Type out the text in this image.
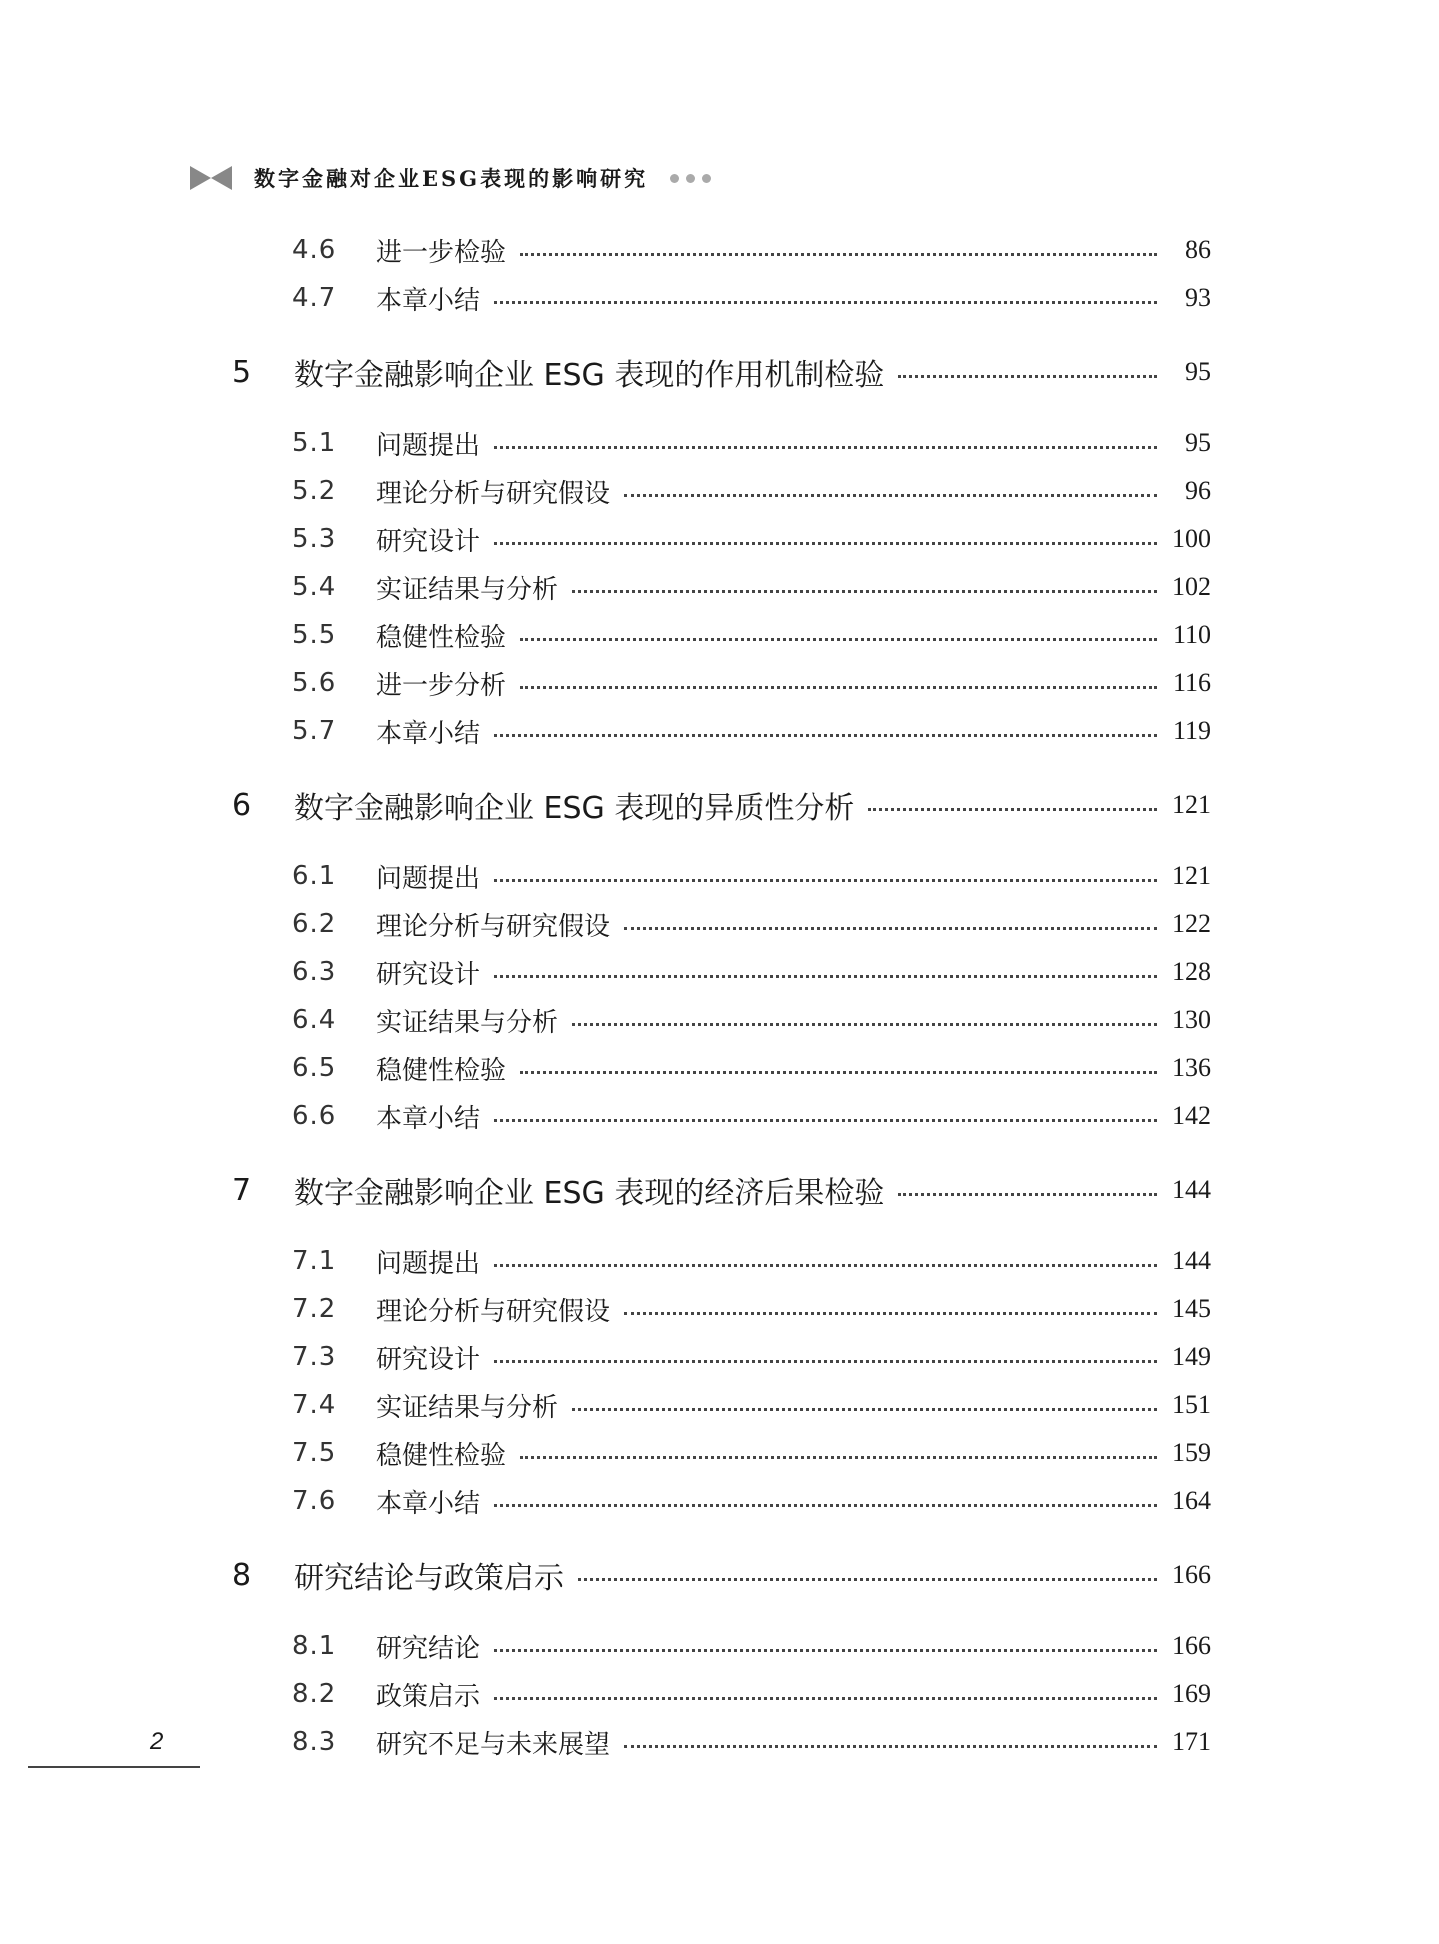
数字金融对企业ESG表现的影响研究
4.6	进一步检验	86
4.7	本章小结	93
5	数字金融影响企业 ESG 表现的作用机制检验	95
5.1	问题提出	95
5.2	理论分析与研究假设	96
5.3	研究设计	100
5.4	实证结果与分析	102
5.5	稳健性检验	110
5.6	进一步分析	116
5.7	本章小结	119
6	数字金融影响企业 ESG 表现的异质性分析	121
6.1	问题提出	121
6.2	理论分析与研究假设	122
6.3	研究设计	128
6.4	实证结果与分析	130
6.5	稳健性检验	136
6.6	本章小结	142
7	数字金融影响企业 ESG 表现的经济后果检验	144
7.1	问题提出	144
7.2	理论分析与研究假设	145
7.3	研究设计	149
7.4	实证结果与分析	151
7.5	稳健性检验	159
7.6	本章小结	164
8	研究结论与政策启示	166
8.1	研究结论	166
8.2	政策启示	169
8.3	研究不足与未来展望	171
2
